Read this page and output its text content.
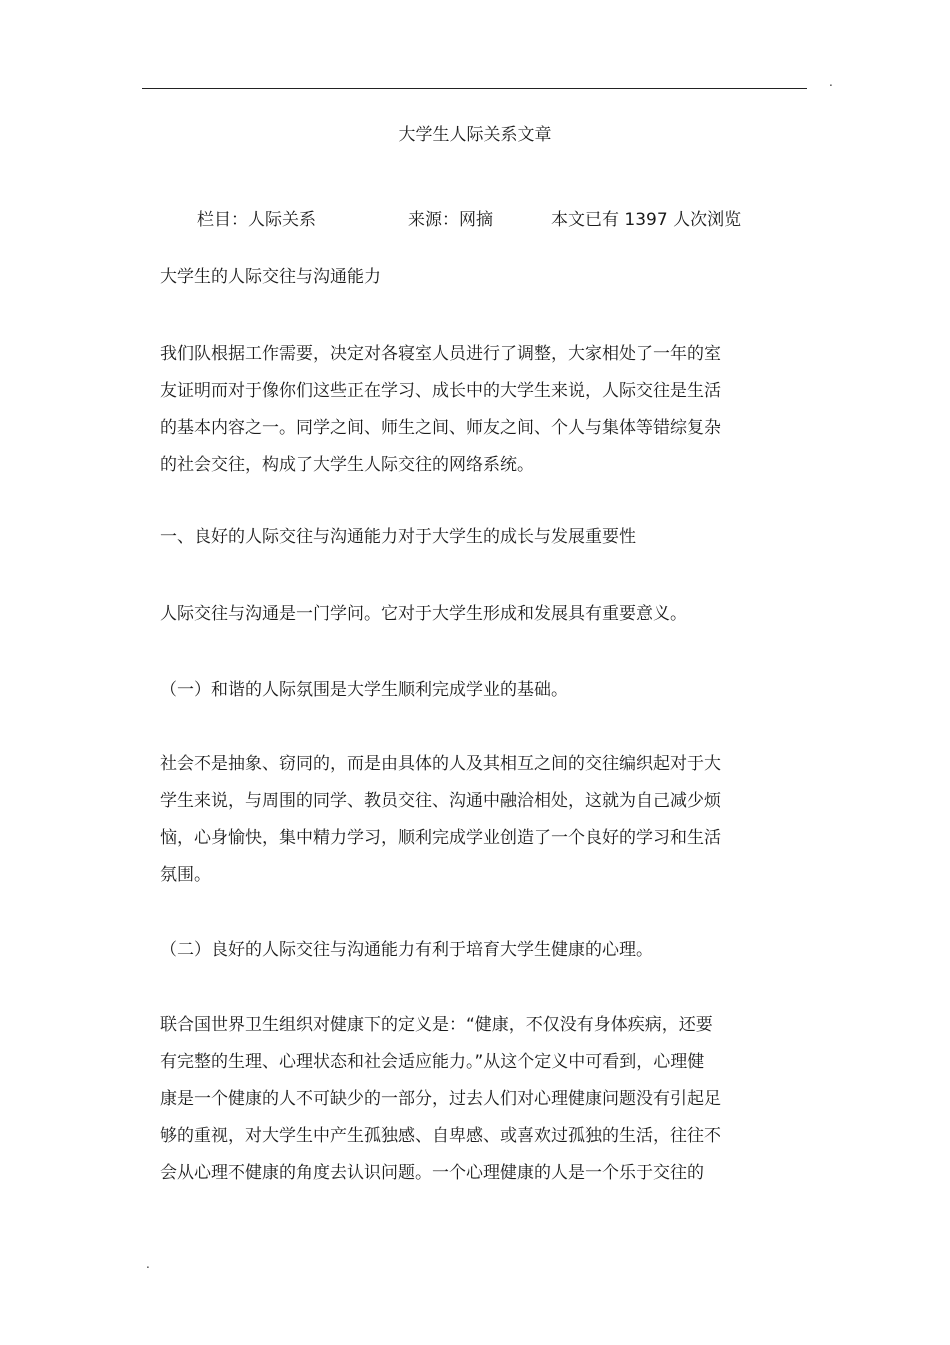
.
大学生人际关系文章
栏目：人际关系	来源：网摘	本文已有 1397 人次浏览
大学生的人际交往与沟通能力
我们队根据工作需要，决定对各寝室人员进行了调整，大家相处了一年的室
友证明而对于像你们这些正在学习、成长中的大学生来说，人际交往是生活
的基本内容之一。同学之间、师生之间、师友之间、个人与集体等错综复杂
的社会交往，构成了大学生人际交往的网络系统。
一、良好的人际交往与沟通能力对于大学生的成长与发展重要性
人际交往与沟通是一门学问。它对于大学生形成和发展具有重要意义。
（一）和谐的人际氛围是大学生顺利完成学业的基础。
社会不是抽象、窃同的，而是由具体的人及其相互之间的交往编织起对于大
学生来说，与周围的同学、教员交往、沟通中融洽相处，这就为自己减少烦
恼，心身愉快，集中精力学习，顺利完成学业创造了一个良好的学习和生活
氛围。
（二）良好的人际交往与沟通能力有利于培育大学生健康的心理。
联合国世界卫生组织对健康下的定义是：“健康，不仅没有身体疾病，还要
有完整的生理、心理状态和社会适应能力。”从这个定义中可看到，心理健
康是一个健康的人不可缺少的一部分，过去人们对心理健康问题没有引起足
够的重视，对大学生中产生孤独感、自卑感、或喜欢过孤独的生活，往往不
会从心理不健康的角度去认识问题。一个心理健康的人是一个乐于交往的
.
